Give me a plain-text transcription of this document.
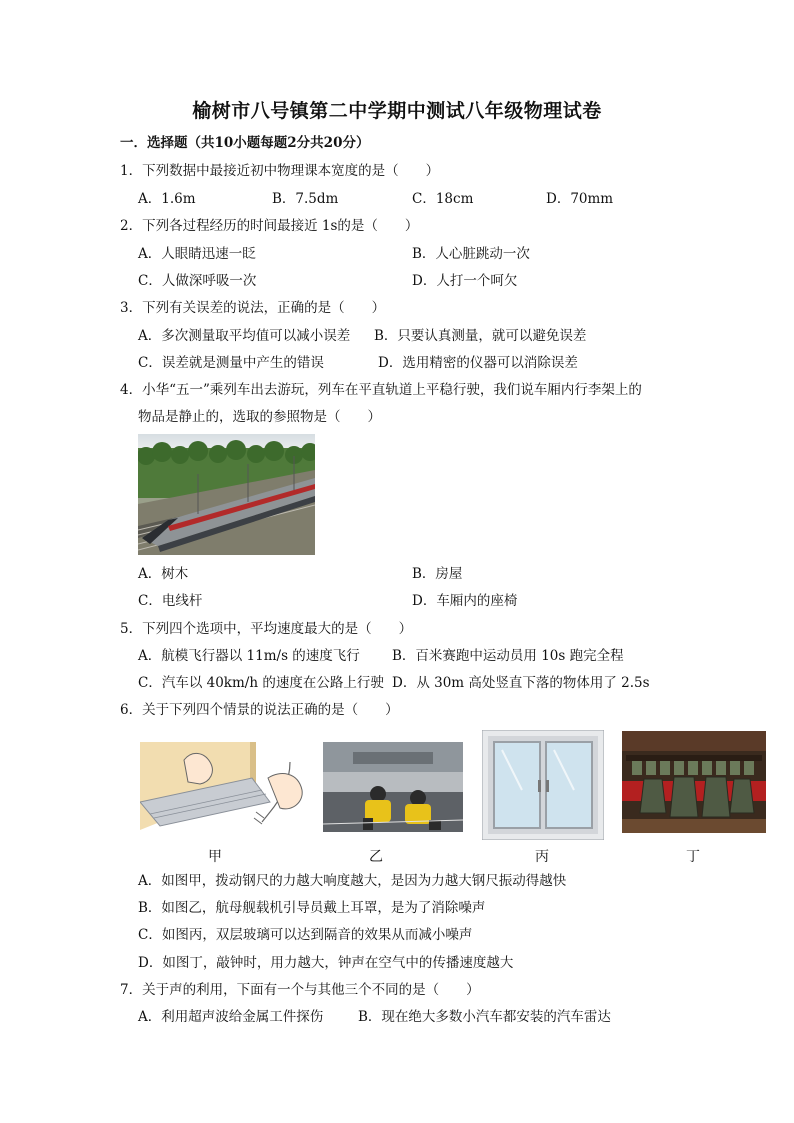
榆树市八号镇第二中学期中测试八年级物理试卷
一．选择题（共10小题每题2分共20分）
1．下列数据中最接近初中物理课本宽度的是（　　）
A．1.6m	B．7.5dm	C．18cm	D．70mm
2．下列各过程经历的时间最接近 1s的是（　　）
A．人眼睛迅速一眨	B．人心脏跳动一次
C．人做深呼吸一次	D．人打一个呵欠
3．下列有关误差的说法，正确的是（　　）
A．多次测量取平均值可以减小误差 B．只要认真测量，就可以避免误差
C．误差就是测量中产生的错误	D．选用精密的仪器可以消除误差
4．小华“五一”乘列车出去游玩，列车在平直轨道上平稳行驶，我们说车厢内行李架上的
物品是静止的，选取的参照物是（　　）
A．树木	B．房屋
C．电线杆	D．车厢内的座椅
5．下列四个选项中，平均速度最大的是（　　）
A．航模飞行器以 11m/s 的速度飞行 B．百米赛跑中运动员用 10s 跑完全程
C．汽车以 40km/h 的速度在公路上行驶 D．从 30m 高处竖直下落的物体用了 2.5s
6．关于下列四个情景的说法正确的是（　　）
甲	乙	丙	丁
A．如图甲，拨动钢尺的力越大响度越大，是因为力越大钢尺振动得越快
B．如图乙，航母舰载机引导员戴上耳罩，是为了消除噪声
C．如图丙，双层玻璃可以达到隔音的效果从而减小噪声
D．如图丁，敲钟时，用力越大，钟声在空气中的传播速度越大
7．关于声的利用，下面有一个与其他三个不同的是（　　）
A．利用超声波给金属工件探伤	B．现在绝大多数小汽车都安装的汽车雷达
